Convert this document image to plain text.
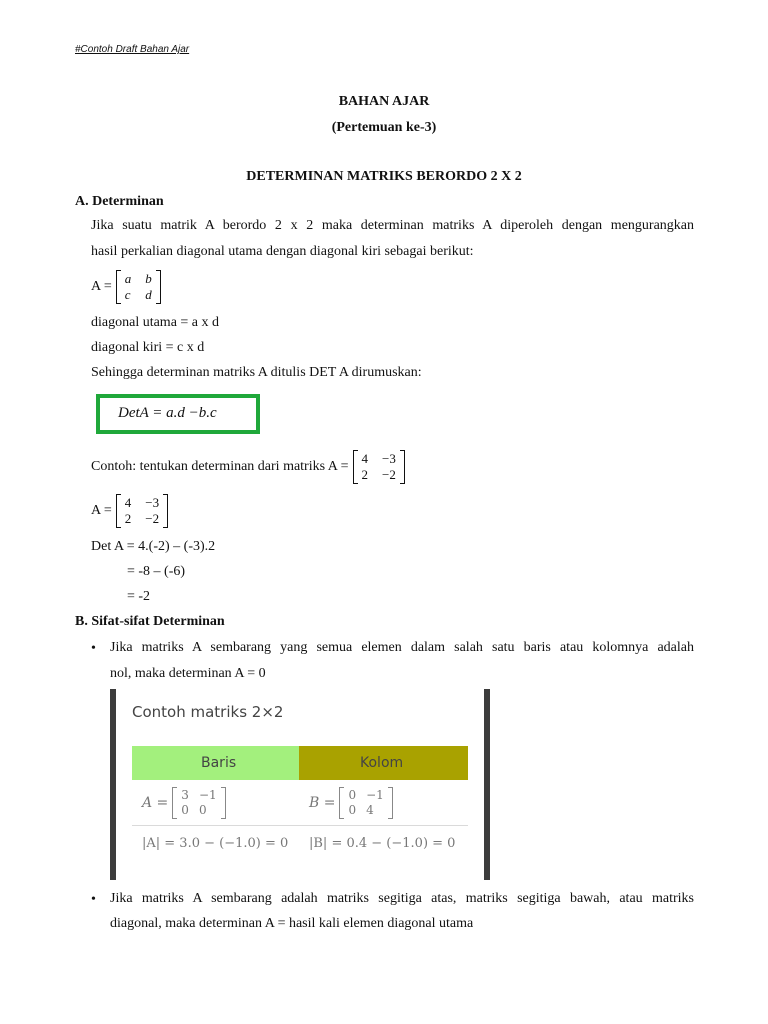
#Contoh Draft Bahan Ajar
BAHAN AJAR
(Pertemuan ke-3)
DETERMINAN MATRIKS BERORDO 2 X 2
A. Determinan
Jika suatu matrik A berordo 2 x 2 maka determinan matriks A diperoleh dengan mengurangkan
hasil perkalian diagonal utama dengan diagonal kiri sebagai berikut:
A =
a b
c d
diagonal utama = a x d
diagonal kiri = c x d
Sehingga determinan matriks A ditulis DET A dirumuskan:
DetA = a.d −b.c
Contoh: tentukan determinan dari matriks A =
4 −3
2 −2
A =
4 −3
2 −2
Det A = 4.(-2) – (-3).2
= -8 – (-6)
= -2
B. Sifat-sifat Determinan
• Jika matriks A sembarang yang semua elemen dalam salah satu baris atau kolomnya adalah
nol, maka determinan A = 0
Contoh matriks 2×2
Baris	Kolom
A = 3 −1
0 0	B = 0 −1
0 4
|A| = 3.0 − (−1.0) = 0 |B| = 0.4 − (−1.0) = 0
• Jika matriks A sembarang adalah matriks segitiga atas, matriks segitiga bawah, atau matriks
diagonal, maka determinan A = hasil kali elemen diagonal utama
